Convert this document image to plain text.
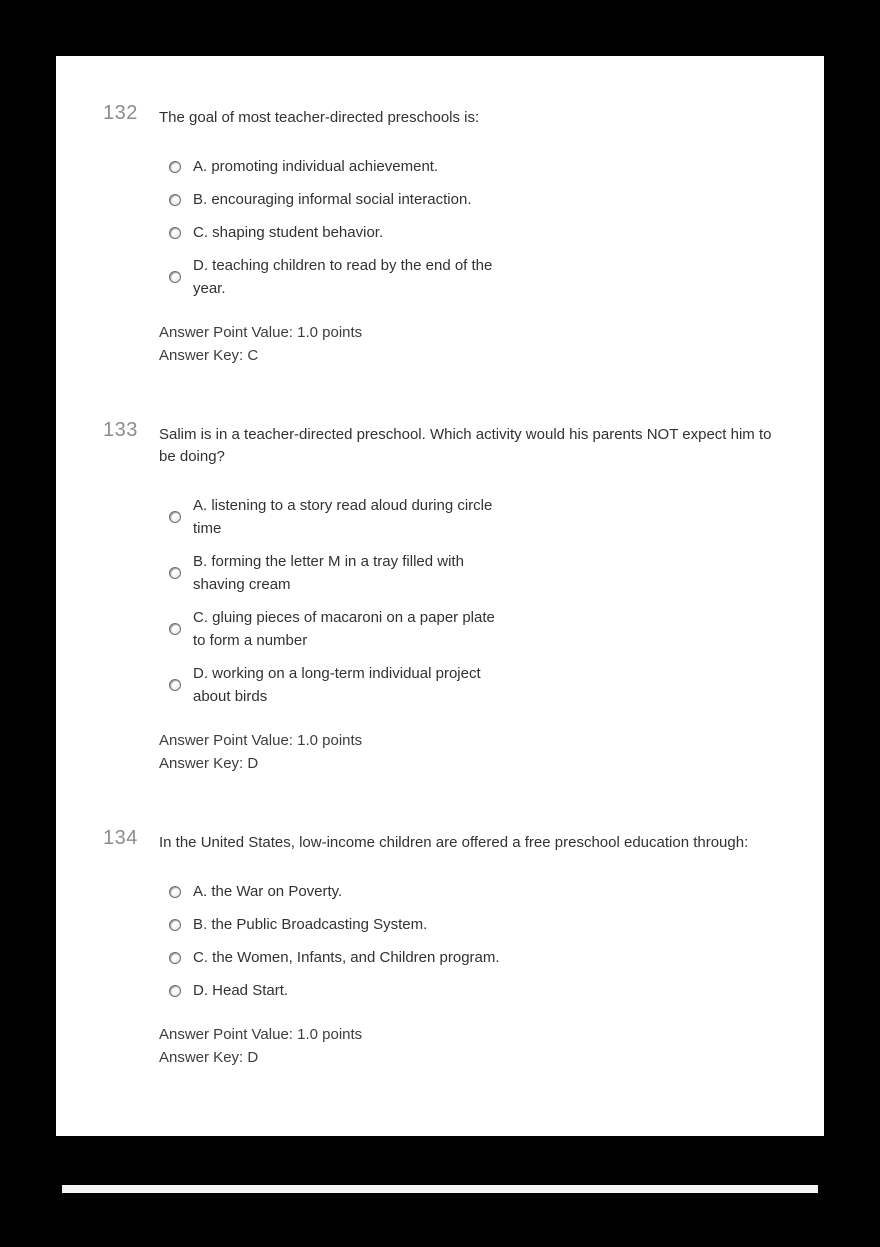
132	The goal of most teacher-directed preschools is:

A. promoting individual achievement.
B. encouraging informal social interaction.
C. shaping student behavior.
D. teaching children to read by the end of the year.

Answer Point Value: 1.0 points

Answer Key: C

133	Salim is in a teacher-directed preschool. Which activity would his parents NOT expect him to be doing?

A. listening to a story read aloud during circle time
B. forming the letter M in a tray filled with shaving cream
C. gluing pieces of macaroni on a paper plate to form a number
D. working on a long-term individual project about birds

Answer Point Value: 1.0 points

Answer Key: D

134	In the United States, low-income children are offered a free preschool education through:

A. the War on Poverty.
B. the Public Broadcasting System.
C. the Women, Infants, and Children program.
D. Head Start.

Answer Point Value: 1.0 points

Answer Key: D
